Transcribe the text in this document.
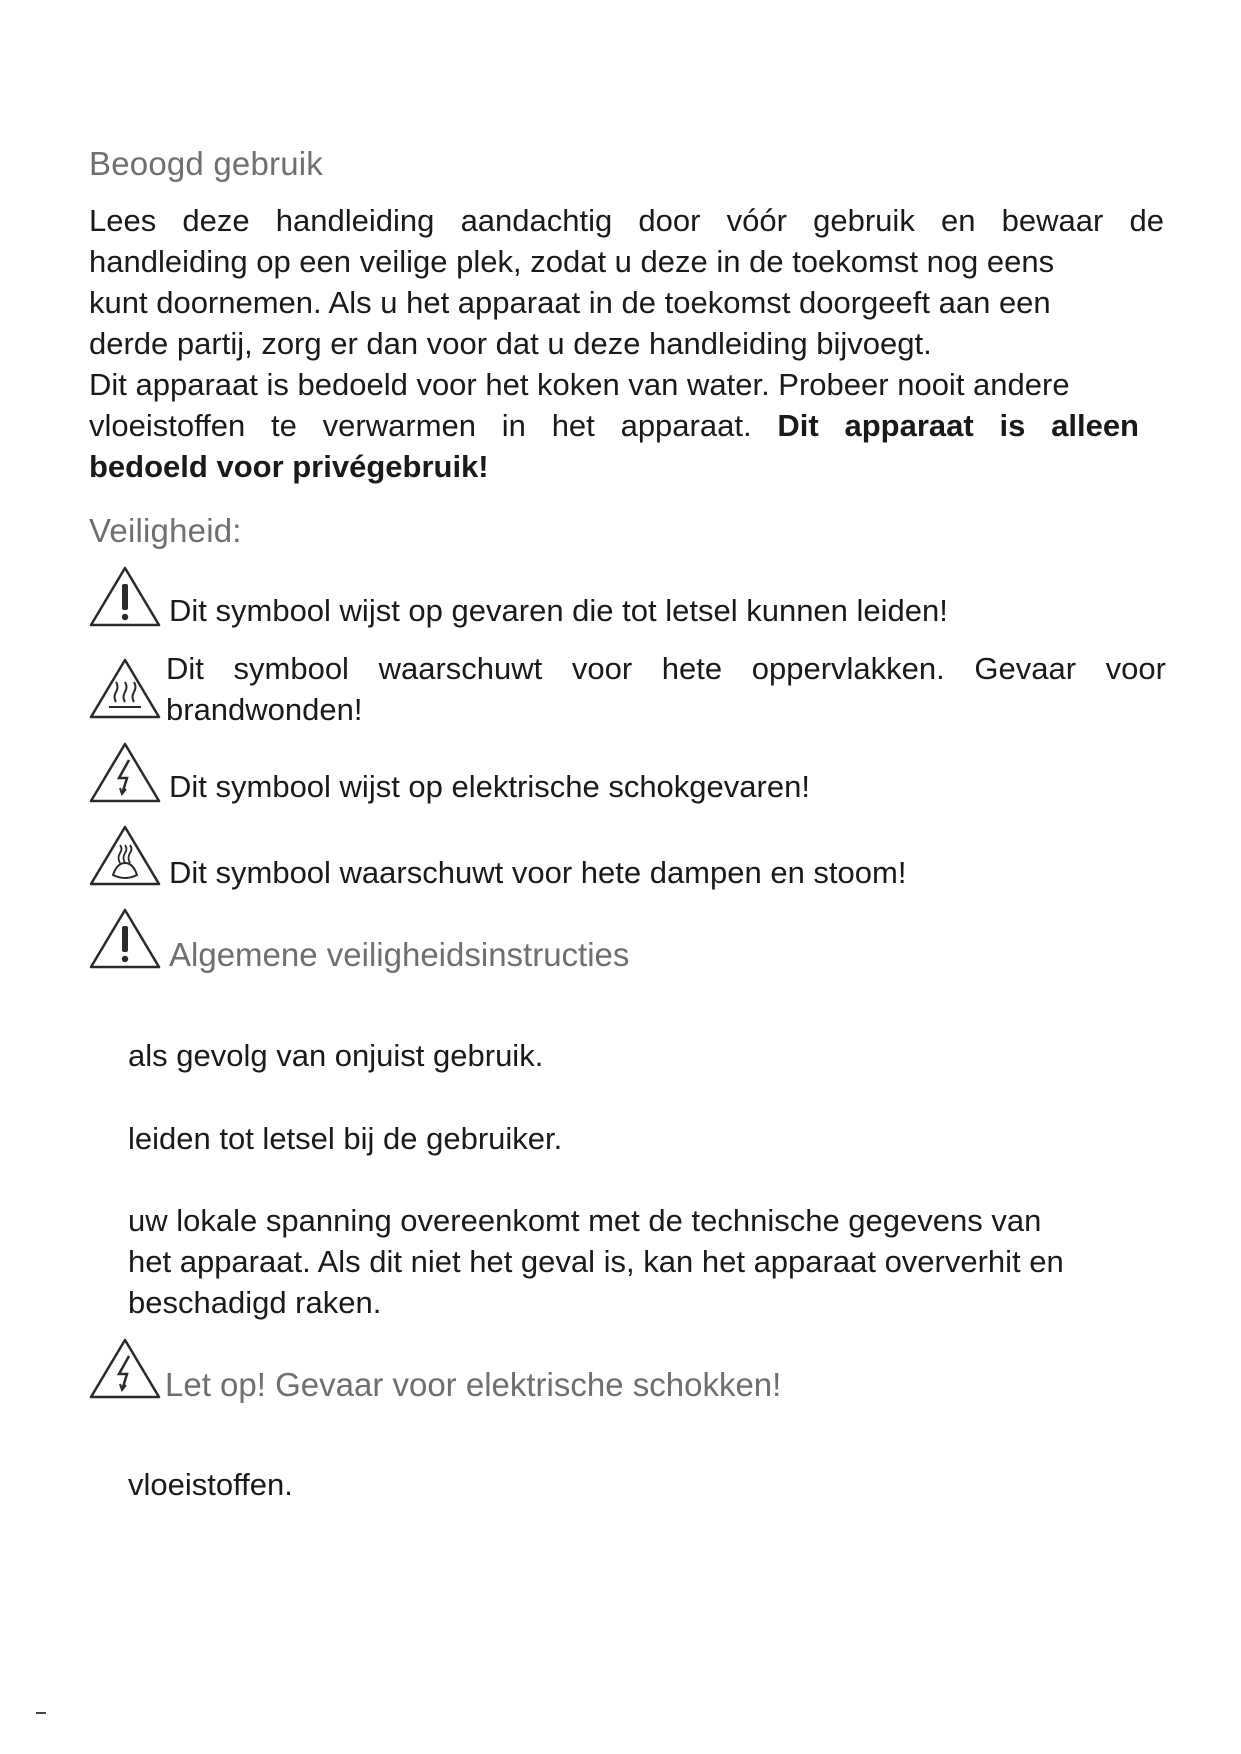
Beoogd gebruik
Lees deze handleiding aandachtig door vóór gebruik en bewaar de
handleiding op een veilige plek, zodat u deze in de toekomst nog eens
kunt doornemen. Als u het apparaat in de toekomst doorgeeft aan een
derde partij, zorg er dan voor dat u deze handleiding bijvoegt.
Dit apparaat is bedoeld voor het koken van water. Probeer nooit andere
vloeistoffen te verwarmen in het apparaat. Dit apparaat is alleen
bedoeld voor privégebruik!
Veiligheid:

Dit symbool wijst op gevaren die tot letsel kunnen leiden!

Dit symbool waarschuwt voor hete oppervlakken. Gevaar voor

brandwonden!

Dit symbool wijst op elektrische schokgevaren!

Dit symbool waarschuwt voor hete dampen en stoom!

Algemene veiligheidsinstructies

als gevolg van onjuist gebruik.

leiden tot letsel bij de gebruiker.

uw lokale spanning overeenkomt met de technische gegevens van
het apparaat. Als dit niet het geval is, kan het apparaat oververhit en
beschadigd raken.

Let op! Gevaar voor elektrische schokken!

vloeistoffen.
